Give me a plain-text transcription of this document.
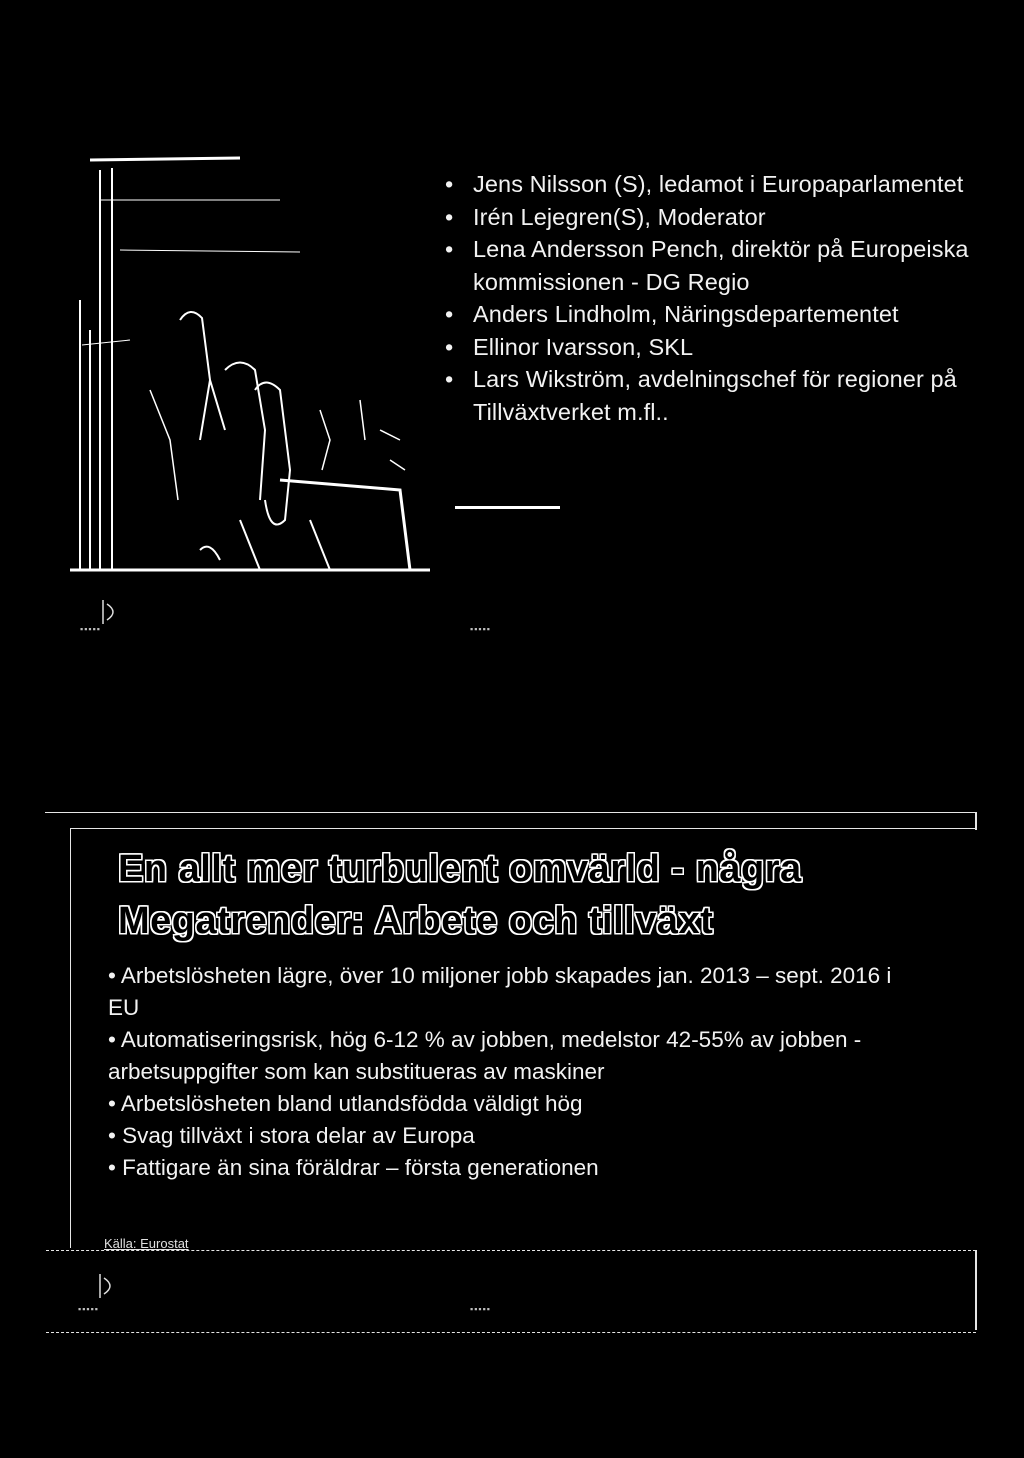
• Jens Nilsson (S), ledamot i Europaparlamentet
• Irén Lejegren(S), Moderator
• Lena Andersson Pench, direktör på Europeiska kommissionen - DG Regio
• Anders Lindholm, Näringsdepartementet
• Ellinor Ivarsson, SKL
• Lars Wikström, avdelningschef för regioner på Tillväxtverket m.fl..
▪▪▪▪▪	▪▪▪▪▪
En allt mer turbulent omvärld - några
Megatrender: Arbete och tillväxt

• Arbetslösheten lägre, över 10 miljoner jobb skapades jan. 2013 – sept. 2016 i EU

• Automatiseringsrisk, hög 6-12 % av jobben, medelstor 42-55% av jobben - arbetsuppgifter som kan substitueras av maskiner

• Arbetslösheten bland utlandsfödda väldigt hög

• Svag tillväxt i stora delar av Europa

• Fattigare än sina föräldrar – första generationen

Källa: Eurostat
▪▪▪▪▪	▪▪▪▪▪
